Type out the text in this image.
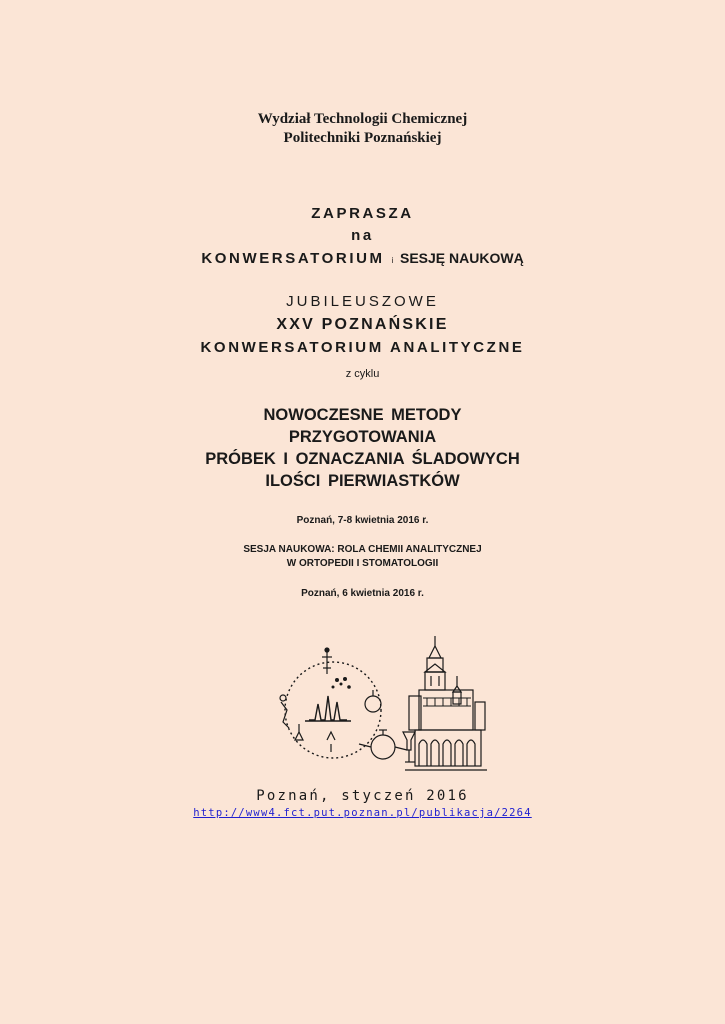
Wydział Technologii Chemicznej
Politechniki Poznańskiej
ZAPRASZA
na
KONWERSATORIUM i SESJĘ NAUKOWĄ
JUBILEUSZOWE
XXV POZNAŃSKIE
KONWERSATORIUM ANALITYCZNE
z cyklu
NOWOCZESNE METODY
PRZYGOTOWANIA
PRÓBEK I OZNACZANIA ŚLADOWYCH
ILOŚCI PIERWIASTKÓW
Poznań, 7-8 kwietnia 2016 r.
SESJA NAUKOWA: ROLA CHEMII ANALITYCZNEJ
W ORTOPEDII I STOMATOLOGII
Poznań, 6 kwietnia 2016 r.
Poznań, styczeń 2016
http://www4.fct.put.poznan.pl/publikacja/2264
